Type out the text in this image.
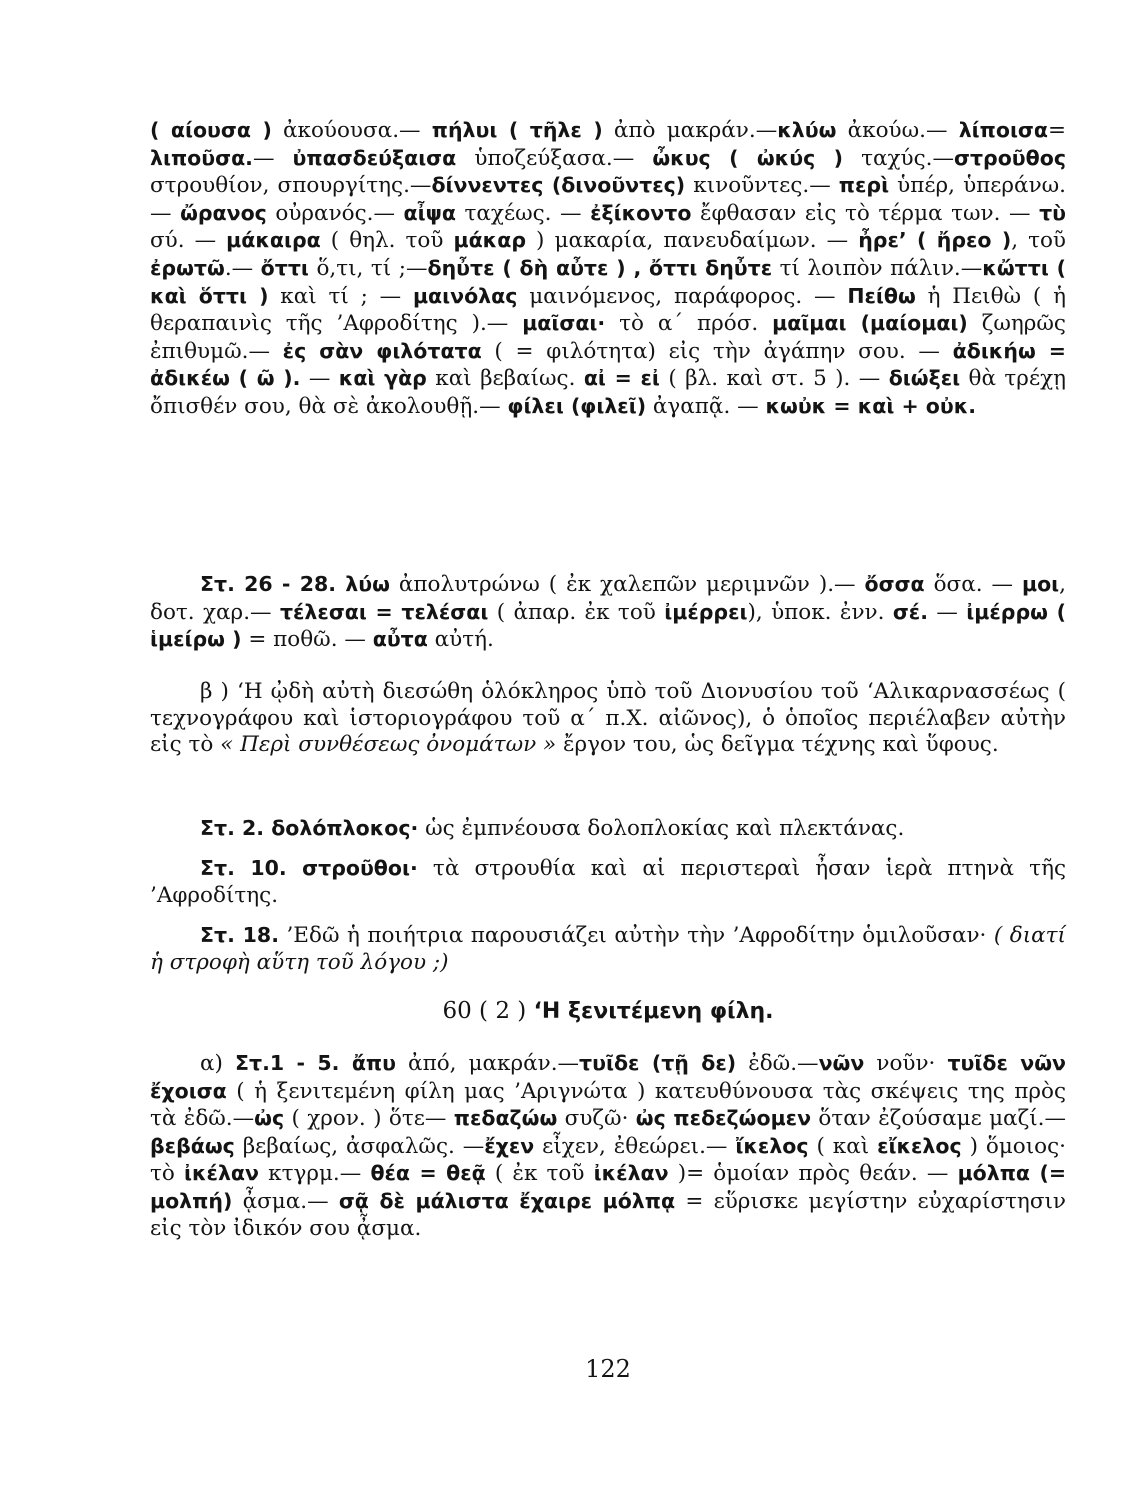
( αίουσα ) ἀκούουσα.— πήλυι ( τῆλε ) ἀπὸ μακράν.—κλύω ἀκούω.— λίποισα= λιποῦσα.— ὐπασδεύξαισα ὑποζεύξασα.— ὦκυς ( ὠκύς ) ταχύς.—στροῦθος στρουθίον, σπουργίτης.—δίννεντες (δινοῦντες) κινοῦντες.— περὶ ὑπέρ, ὑπεράνω. — ὤρανος οὐρανός.— αἶψα ταχέως. — ἐξίκοντο ἔφθασαν εἰς τὸ τέρμα των. — τὺ σύ. — μάκαιρα ( θηλ. τοῦ μάκαρ ) μακαρία, πανευδαίμων. — ἦρε’ ( ἤρεο ), τοῦ ἐρωτῶ.— ὄττι ὅ,τι, τί ;—δηὖτε ( δὴ αὖτε ) , ὄττι δηὖτε τί λοιπὸν πάλιν.—κὤττι ( καὶ ὅττι ) καὶ τί ; — μαινόλας μαινόμενος, παράφορος. — Πείθω ἡ Πειθὼ ( ἡ θεραπαινὶς τῆς ’Αφροδίτης ).— μαῖσαι· τὸ α΄ πρόσ. μαῖμαι (μαίομαι) ζωηρῶς ἐπιθυμῶ.— ἐς σὰν φιλότατα ( = φιλότητα) εἰς τὴν ἀγάπην σου. — ἀδικήω = ἀδικέω ( ῶ ). — καὶ γὰρ καὶ βεβαίως. αἰ = εἰ ( βλ. καὶ στ. 5 ). — διώξει θὰ τρέχῃ ὄπισθέν σου, θὰ σὲ ἀκολουθῇ.— φίλει (φιλεῖ) ἀγαπᾷ. — κωὐκ = καὶ + οὐκ.

Στ. 26 - 28. λύω ἀπολυτρώνω ( ἐκ χαλεπῶν μεριμνῶν ).— ὄσσα ὅσα. — μοι, δοτ. χαρ.— τέλεσαι = τελέσαι ( ἀπαρ. ἐκ τοῦ ἰμέρρει), ὑποκ. ἐνν. σέ. — ἰμέρρω ( ἱμείρω ) = ποθῶ. — αὖτα αὐτή.

β ) ‘Η ᾠδὴ αὐτὴ διεσώθη ὁλόκληρος ὑπὸ τοῦ Διονυσίου τοῦ ‘Αλικαρνασσέως ( τεχνογράφου καὶ ἱστοριογράφου τοῦ α΄ π.Χ. αἰῶνος), ὁ ὁποῖος περιέλαβεν αὐτὴν εἰς τὸ « Περὶ συνθέσεως ὀνομάτων » ἔργον του, ὡς δεῖγμα τέχνης καὶ ὕφους.

Στ. 2. δολόπλοκος· ὡς ἐμπνέουσα δολοπλοκίας καὶ πλεκτάνας.

Στ. 10. στροῦθοι· τὰ στρουθία καὶ αἱ περιστεραὶ ἦσαν ἱερὰ πτηνὰ τῆς ’Αφροδίτης.

Στ. 18. ’Εδῶ ἡ ποιήτρια παρουσιάζει αὐτὴν τὴν ’Αφροδίτην ὁμιλοῦσαν· ( διατί ἡ στροφὴ αὕτη τοῦ λόγου ;)

60 ( 2 ) ‘Η ξενιτέμενη φίλη.

α) Στ.1 - 5. ἄπυ ἀπό, μακράν.—τυῖδε (τῇ δε) ἐδῶ.—νῶν νοῦν· τυῖδε νῶν ἔχοισα ( ἡ ξενιτεμένη φίλη μας ’Αριγνώτα ) κατευθύνουσα τὰς σκέψεις της πρὸς τὰ ἐδῶ.—ὠς ( χρον. ) ὅτε— πεδαζώω συζῶ· ὠς πεδεζώομεν ὅταν ἐζούσαμε μαζί.— βεβάως βεβαίως, ἀσφαλῶς. —ἔχεν εἶχεν, ἐθεώρει.— ἴκελος ( καὶ εἴκελος ) ὅμοιος· τὸ ἰκέλαν κτγρμ.— θέα = θεᾷ ( ἐκ τοῦ ἰκέλαν )= ὁμοίαν πρὸς θεάν. — μόλπα (= μολπή) ᾆσμα.— σᾷ δὲ μάλιστα ἔχαιρε μόλπᾳ = εὕρισκε μεγίστην εὐχαρίστησιν εἰς τὸν ἰδικόν σου ᾆσμα.

122
